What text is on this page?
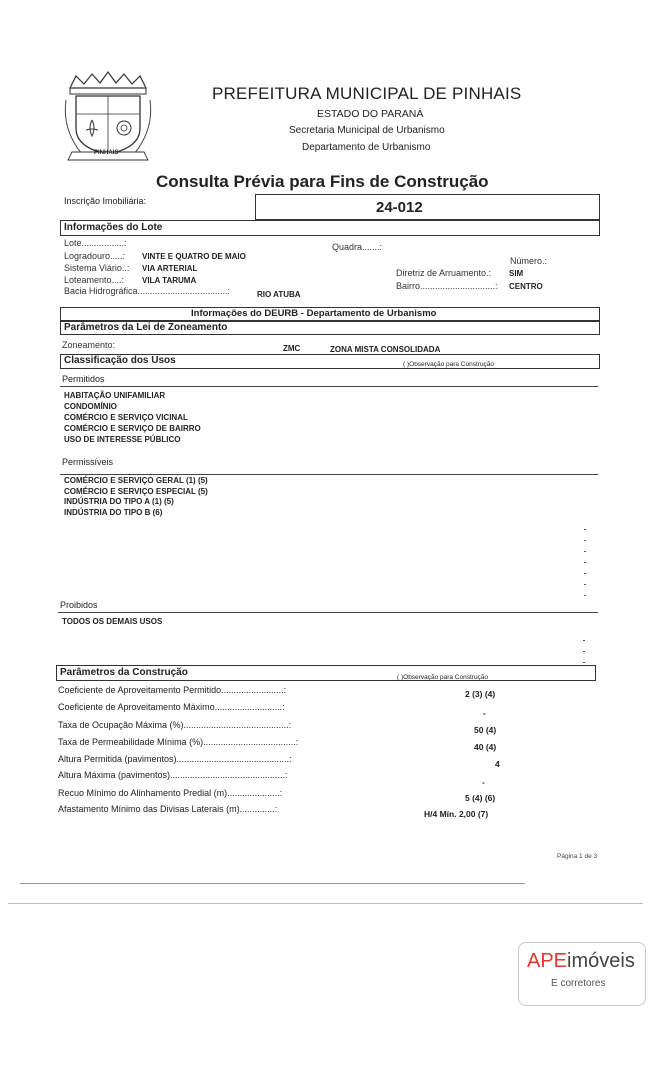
PINHAIS
PREFEITURA MUNICIPAL DE PINHAIS
ESTADO DO PARANÁ
Secretaria Municipal de Urbanismo
Departamento de Urbanismo
Consulta Prévia para Fins de Construção
Inscrição Imobiliária:	24-012
Informações do Lote
Lote.................:	Quadra.......:
Logradouro.....: VINTE E QUATRO DE MAIO	Número.:
Sistema Viário..: VIA ARTERIAL	Diretriz de Arruamento.: SIM
Loteamento....: VILA TARUMA
Bairro..............................: CENTRO
Bacia Hidrográfica....................................:	RIO ATUBA
Informações do DEURB - Departamento de Urbanismo
Parâmetros da Lei de Zoneamento
Zoneamento:	ZMC	ZONA MISTA CONSOLIDADA
Classificação dos Usos	( )Observação para Construção
Permitidos
HABITAÇÃO UNIFAMILIAR
CONDOMÍNIO
COMÉRCIO E SERVIÇO VICINAL
COMÉRCIO E SERVIÇO DE BAIRRO
USO DE INTERESSE PÚBLICO
Permissíveis
COMÉRCIO E SERVIÇO GERAL (1) (5)
COMÉRCIO E SERVIÇO ESPECIAL (5)
INDÚSTRIA DO TIPO A (1) (5)
INDÚSTRIA DO TIPO B (6)
Proibidos
TODOS OS DEMAIS USOS
Parâmetros da Construção	( )Observação para Construção
Coeficiente de Aproveitamento Permitido.........................:	2 (3) (4)
Coeficiente de Aproveitamento Máximo...........................:
-
Taxa de Ocupação Máxima (%)..........................................:	50 (4)
Taxa de Permeabilidade Mínima (%).....................................:	40 (4)
Altura Permitida (pavimentos).............................................:	4
Altura Máxima (pavimentos)..............................................:
-
Recuo Mínimo do Alinhamento Predial (m).....................:	5 (4) (6)
Afastamento Mínimo das Divisas Laterais (m)..............:	H/4 Mín. 2,00 (7)
Página 1 de 3
APEimóveis
E corretores
